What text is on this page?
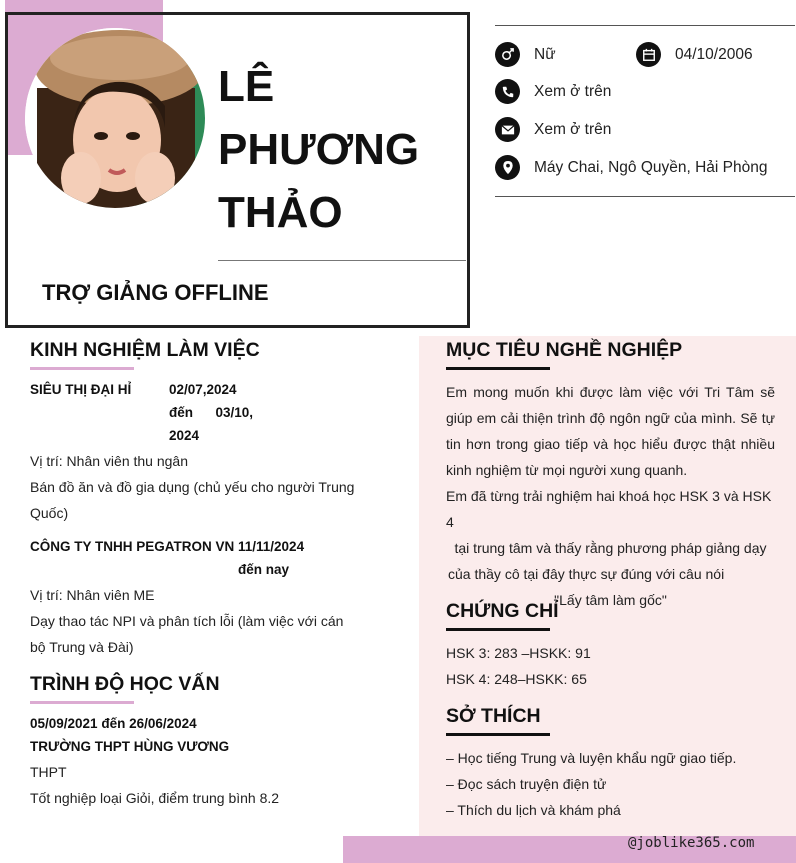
LÊ
PHƯƠNG
THẢO
TRỢ GIẢNG OFFLINE
Nữ	04/10/2006
Xem ở trên
Xem ở trên
Máy Chai, Ngô Quyền, Hải Phòng
@joblike365.com
KINH NGHIỆM LÀM VIỆC
SIÊU THỊ ĐẠI HỈ	02/07,2024
đến      03/10,
2024
Vị trí: Nhân viên thu ngân
Bán đồ ăn và đồ gia dụng (chủ yếu cho người Trung
Quốc)
CÔNG TY TNHH PEGATRON VN 11/11/2024
đến nay
Vị trí: Nhân viên ME
Dạy thao tác NPI và phân tích lỗi (làm việc với cán
bộ Trung và Đài)
TRÌNH ĐỘ HỌC VẤN
05/09/2021 đến 26/06/2024
TRƯỜNG THPT HÙNG VƯƠNG
THPT
Tốt nghiệp loại Giỏi, điểm trung bình 8.2
MỤC TIÊU NGHỀ NGHIỆP
Em mong muốn khi được làm việc với Tri Tâm sẽ
giúp em cải thiện trình độ ngôn ngữ của mình. Sẽ tự
tin hơn trong giao tiếp và học hiểu được thật nhiều
kinh nghiệm từ mọi người xung quanh.
Em đã từng trải nghiệm hai khoá học HSK 3 và HSK 4
tại trung tâm và thấy rằng phương pháp giảng dạy
của thầy cô tại đây thực sự đúng với câu nói
"Lấy tâm làm gốc"
CHỨNG CHỈ
HSK 3: 283 –HSKK: 91
HSK 4: 248–HSKK: 65
SỞ THÍCH
– Học tiếng Trung và luyện khẩu ngữ giao tiếp.
– Đọc sách truyện điện tử
– Thích du lịch và khám phá
